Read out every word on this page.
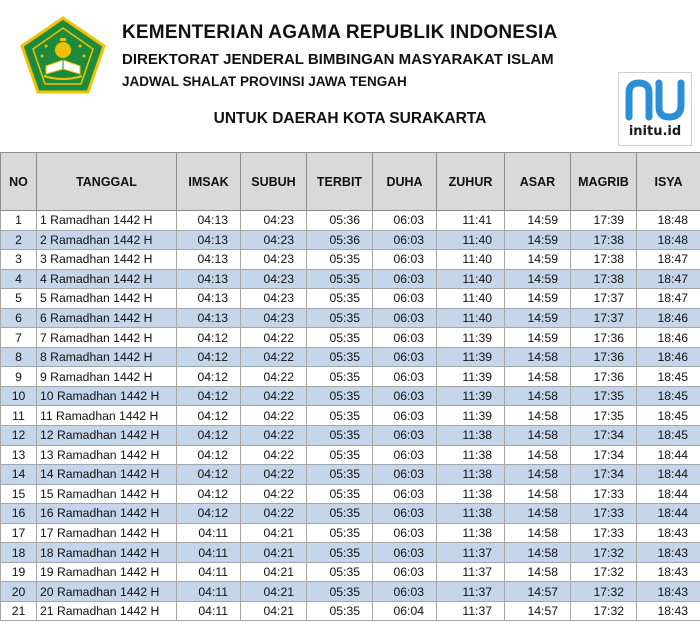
KEMENTERIAN AGAMA REPUBLIK INDONESIA
DIREKTORAT JENDERAL BIMBINGAN MASYARAKAT ISLAM
JADWAL SHALAT PROVINSI JAWA TENGAH
UNTUK DAERAH KOTA SURAKARTA
initu.id
NO	TANGGAL	IMSAK	SUBUH	TERBIT	DUHA	ZUHUR	ASAR	MAGRIB	ISYA
1	1 Ramadhan 1442 H	04:13	04:23	05:36	06:03	11:41	14:59	17:39	18:48
2	2 Ramadhan 1442 H	04:13	04:23	05:36	06:03	11:40	14:59	17:38	18:48
3	3 Ramadhan 1442 H	04:13	04:23	05:35	06:03	11:40	14:59	17:38	18:47
4	4 Ramadhan 1442 H	04:13	04:23	05:35	06:03	11:40	14:59	17:38	18:47
5	5 Ramadhan 1442 H	04:13	04:23	05:35	06:03	11:40	14:59	17:37	18:47
6	6 Ramadhan 1442 H	04:13	04:23	05:35	06:03	11:40	14:59	17:37	18:46
7	7 Ramadhan 1442 H	04:12	04:22	05:35	06:03	11:39	14:59	17:36	18:46
8	8 Ramadhan 1442 H	04:12	04:22	05:35	06:03	11:39	14:58	17:36	18:46
9	9 Ramadhan 1442 H	04:12	04:22	05:35	06:03	11:39	14:58	17:36	18:45
10	10 Ramadhan 1442 H	04:12	04:22	05:35	06:03	11:39	14:58	17:35	18:45
11	11 Ramadhan 1442 H	04:12	04:22	05:35	06:03	11:39	14:58	17:35	18:45
12	12 Ramadhan 1442 H	04:12	04:22	05:35	06:03	11:38	14:58	17:34	18:45
13	13 Ramadhan 1442 H	04:12	04:22	05:35	06:03	11:38	14:58	17:34	18:44
14	14 Ramadhan 1442 H	04:12	04:22	05:35	06:03	11:38	14:58	17:34	18:44
15	15 Ramadhan 1442 H	04:12	04:22	05:35	06:03	11:38	14:58	17:33	18:44
16	16 Ramadhan 1442 H	04:12	04:22	05:35	06:03	11:38	14:58	17:33	18:44
17	17 Ramadhan 1442 H	04:11	04:21	05:35	06:03	11:38	14:58	17:33	18:43
18	18 Ramadhan 1442 H	04:11	04:21	05:35	06:03	11:37	14:58	17:32	18:43
19	19 Ramadhan 1442 H	04:11	04:21	05:35	06:03	11:37	14:58	17:32	18:43
20	20 Ramadhan 1442 H	04:11	04:21	05:35	06:03	11:37	14:57	17:32	18:43
21	21 Ramadhan 1442 H	04:11	04:21	05:35	06:04	11:37	14:57	17:32	18:43
